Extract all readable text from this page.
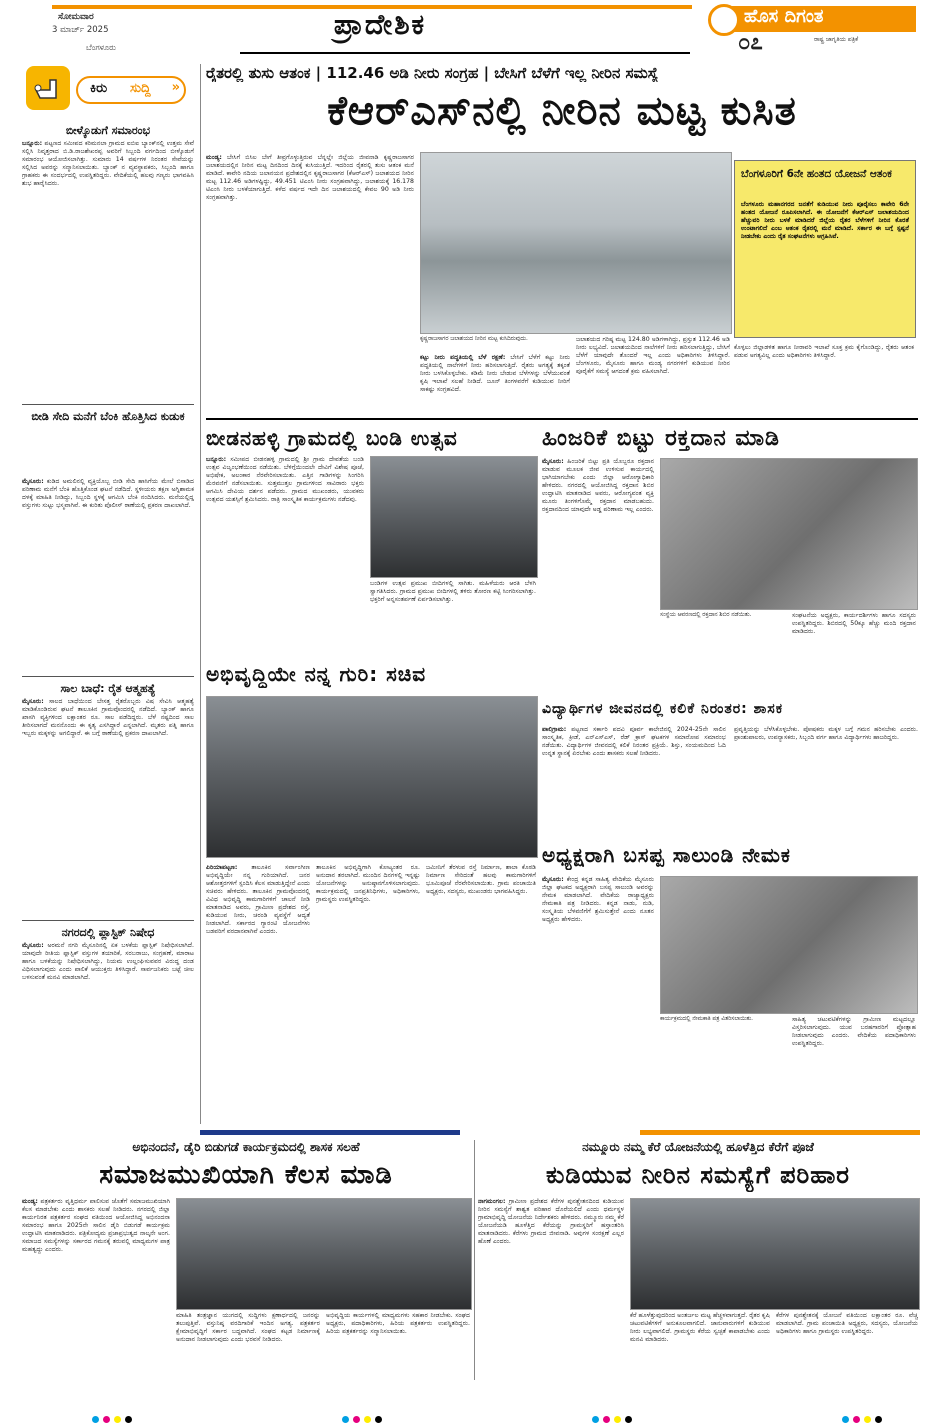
ಸೋಮವಾರ
3 ಮಾರ್ಚ್ 2025
ಬೆಂಗಳೂರು
ಪ್ರಾದೇಶಿಕ	ಹೊಸ ದಿಗಂತ
ರಾಷ್ಟ್ರ ಜಾಗೃತಿಯ ಪತ್ರಿಕೆ
೦೭
ಕಿರು ಸುದ್ದಿ »
ಬೀಳ್ಕೊಡುಗೆ ಸಮಾರಂಭ
ಬನ್ನೂರು: ಪಟ್ಟಣದ ಸಮೀಪದ ಕರಿಮನಲಾ ಗ್ರಾಮದ ಐಬಿಐ ಬ್ಯಾಂಕ್‌ನಲ್ಲಿ ಉತ್ತಮ ಸೇವೆ ಸಲ್ಲಿಸಿ ನಿವೃತ್ತರಾದ ಬಿ.ಡಿ.ರಾಜಶೇಖರಪ್ಪ ಅವರಿಗೆ ಸಿಬ್ಬಂದಿ ವರ್ಗದಿಂದ ಬೀಳ್ಕೊಡುಗೆ ಸಮಾರಂಭ ಆಯೋಜಿಸಲಾಗಿತ್ತು. ಸುಮಾರು 14 ವರ್ಷಗಳ ನಿರಂತರ ಸೇವೆಯನ್ನು ಸಲ್ಲಿಸಿದ ಅವರನ್ನು ಸನ್ಮಾನಿಸಲಾಯಿತು. ಬ್ಯಾಂಕ್ ನ ವ್ಯವಸ್ಥಾಪಕರು, ಸಿಬ್ಬಂದಿ ಹಾಗೂ ಗ್ರಾಹಕರು ಈ ಸಂದರ್ಭದಲ್ಲಿ ಉಪಸ್ಥಿತರಿದ್ದರು. ವೇದಿಕೆಯಲ್ಲಿ ಹಲವು ಗಣ್ಯರು ಭಾಗವಹಿಸಿ ಶುಭ ಹಾರೈಸಿದರು.
ಬೀಡಿ ಸೇದಿ ಮನೆಗೆ ಬೆಂಕಿ ಹೊತ್ತಿಸಿದ ಕುಡುಕ
ಮೈಸೂರು: ಕುಡಿದ ಅಮಲಿನಲ್ಲಿ ವ್ಯಕ್ತಿಯೊಬ್ಬ ಬೀಡಿ ಸೇದಿ ಹಾಸಿಗೆಯ ಮೇಲೆ ಬಿಸಾಡಿದ ಪರಿಣಾಮ ಮನೆಗೆ ಬೆಂಕಿ ಹೊತ್ತಿಕೊಂಡ ಘಟನೆ ನಡೆದಿದೆ. ಸ್ಥಳೀಯರು ತಕ್ಷಣ ಅಗ್ನಿಶಾಮಕ ದಳಕ್ಕೆ ಮಾಹಿತಿ ನೀಡಿದ್ದು, ಸಿಬ್ಬಂದಿ ಸ್ಥಳಕ್ಕೆ ಆಗಮಿಸಿ ಬೆಂಕಿ ನಂದಿಸಿದರು. ಮನೆಯಲ್ಲಿದ್ದ ವಸ್ತುಗಳು ಸುಟ್ಟು ಭಸ್ಮವಾಗಿವೆ. ಈ ಕುರಿತು ಪೊಲೀಸ್ ಠಾಣೆಯಲ್ಲಿ ಪ್ರಕರಣ ದಾಖಲಾಗಿದೆ.
ಸಾಲ ಬಾಧೆ: ರೈತ ಆತ್ಮಹತ್ಯೆ
ಮೈಸೂರು: ಸಾಲದ ಬಾಧೆಯಿಂದ ಬೇಸತ್ತ ರೈತರೊಬ್ಬರು ವಿಷ ಸೇವಿಸಿ ಆತ್ಮಹತ್ಯೆ ಮಾಡಿಕೊಂಡಿರುವ ಘಟನೆ ತಾಲೂಕಿನ ಗ್ರಾಮವೊಂದರಲ್ಲಿ ನಡೆದಿದೆ. ಬ್ಯಾಂಕ್ ಹಾಗೂ ಖಾಸಗಿ ವ್ಯಕ್ತಿಗಳಿಂದ ಲಕ್ಷಾಂತರ ರೂ. ಸಾಲ ಪಡೆದಿದ್ದರು. ಬೆಳೆ ನಷ್ಟದಿಂದ ಸಾಲ ತೀರಿಸಲಾಗದೆ ಮನನೊಂದು ಈ ಕೃತ್ಯ ಎಸಗಿದ್ದಾರೆ ಎನ್ನಲಾಗಿದೆ. ಮೃತರು ಪತ್ನಿ ಹಾಗೂ ಇಬ್ಬರು ಮಕ್ಕಳನ್ನು ಅಗಲಿದ್ದಾರೆ. ಈ ಬಗ್ಗೆ ಠಾಣೆಯಲ್ಲಿ ಪ್ರಕರಣ ದಾಖಲಾಗಿದೆ.
ನಗರದಲ್ಲಿ ಪ್ಲಾಸ್ಟಿಕ್ ನಿಷೇಧ
ಮೈಸೂರು: ಅರಮನೆ ನಗರಿ ಮೈಸೂರಿನಲ್ಲಿ ಏಕ ಬಳಕೆಯ ಪ್ಲಾಸ್ಟಿಕ್ ನಿಷೇಧಿಸಲಾಗಿದೆ. ಯಾವುದೇ ರೀತಿಯ ಪ್ಲಾಸ್ಟಿಕ್ ವಸ್ತುಗಳ ತಯಾರಿಕೆ, ಸರಬರಾಜು, ಸಂಗ್ರಹಣೆ, ಮಾರಾಟ ಹಾಗೂ ಬಳಕೆಯನ್ನು ನಿಷೇಧಿಸಲಾಗಿದ್ದು, ನಿಯಮ ಉಲ್ಲಂಘಿಸುವವರ ವಿರುದ್ಧ ದಂಡ ವಿಧಿಸಲಾಗುವುದು ಎಂದು ಪಾಲಿಕೆ ಆಯುಕ್ತರು ತಿಳಿಸಿದ್ದಾರೆ. ಸಾರ್ವಜನಿಕರು ಬಟ್ಟೆ ಚೀಲ ಬಳಸುವಂತೆ ಮನವಿ ಮಾಡಲಾಗಿದೆ.
ರೈತರಲ್ಲಿ ತುಸು ಆತಂಕ | 112.46 ಅಡಿ ನೀರು ಸಂಗ್ರಹ | ಬೇಸಿಗೆ ಬೆಳೆಗೆ ಇಲ್ಲ ನೀರಿನ ಸಮಸ್ಯೆ
ಕೆಆರ್‌ಎಸ್‌ನಲ್ಲಿ ನೀರಿನ ಮಟ್ಟ ಕುಸಿತ
ಮಂಡ್ಯ: ಬೇಸಿಗೆ ಬಿಸಿಲ ಬೇಗೆ ತೀವ್ರಗೊಳ್ಳುತ್ತಿರುವ ಬೆನ್ನಲ್ಲೇ ಜಿಲ್ಲೆಯ ಜೀವನಾಡಿ ಕೃಷ್ಣರಾಜಸಾಗರ ಜಲಾಶಯದಲ್ಲಿನ ನೀರಿನ ಮಟ್ಟ ದಿನದಿಂದ ದಿನಕ್ಕೆ ಕುಸಿಯುತ್ತಿದೆ. ಇದರಿಂದ ರೈತರಲ್ಲಿ ತುಸು ಆತಂಕ ಮನೆ ಮಾಡಿದೆ. ಕಾವೇರಿ ನದಿಯ ಜಲಾನಯನ ಪ್ರದೇಶದಲ್ಲಿನ ಕೃಷ್ಣರಾಜಸಾಗರ (ಕೆಆರ್‌ಎಸ್) ಜಲಾಶಯದ ನೀರಿನ ಮಟ್ಟ 112.46 ಅಡಿಗಳಷ್ಟಿದ್ದು, 49.451 ಟಿಎಂಸಿ ನೀರು ಸಂಗ್ರಹವಾಗಿದ್ದು, ಜಲಾಶಯಕ್ಕೆ 16.178 ಟಿಎಂಸಿ ನೀರು ಬಳಕೆಯಾಗುತ್ತಿದೆ. ಕಳೆದ ವರ್ಷದ ಇದೇ ದಿನ ಜಲಾಶಯದಲ್ಲಿ ಕೇವಲ 90 ಅಡಿ ನೀರು ಸಂಗ್ರಹವಾಗಿತ್ತು.
ಕೃಷ್ಣರಾಜಸಾಗರ ಜಲಾಶಯದ ನೀರಿನ ಮಟ್ಟ ಕುಸಿದಿರುವುದು.
ಕಟ್ಟು ನೀರು ಪದ್ಧತಿಯಲ್ಲಿ ಬೆಳೆ ರಕ್ಷಣೆ: ಬೇಸಿಗೆ ಬೆಳೆಗೆ ಕಟ್ಟು ನೀರು ಪದ್ಧತಿಯಲ್ಲಿ ನಾಲೆಗಳಿಗೆ ನೀರು ಹರಿಸಲಾಗುತ್ತಿದೆ. ರೈತರು ಅಗತ್ಯಕ್ಕೆ ತಕ್ಕಂತೆ ನೀರು ಬಳಸಿಕೊಳ್ಳಬೇಕು. ಕಡಿಮೆ ನೀರು ಬೇಡುವ ಬೆಳೆಗಳನ್ನು ಬೆಳೆಯುವಂತೆ ಕೃಷಿ ಇಲಾಖೆ ಸಲಹೆ ನೀಡಿದೆ. ಜೂನ್ ತಿಂಗಳವರೆಗೆ ಕುಡಿಯುವ ನೀರಿಗೆ ಸಾಕಷ್ಟು ಸಂಗ್ರಹವಿದೆ.
ಜಲಾಶಯದ ಗರಿಷ್ಠ ಮಟ್ಟ 124.80 ಅಡಿಗಳಾಗಿದ್ದು, ಪ್ರಸ್ತುತ 112.46 ಅಡಿ ನೀರು ಲಭ್ಯವಿದೆ. ಜಲಾಶಯದಿಂದ ನಾಲೆಗಳಿಗೆ ನೀರು ಹರಿಸಲಾಗುತ್ತಿದ್ದು, ಬೇಸಿಗೆ ಬೆಳೆಗೆ ಯಾವುದೇ ತೊಂದರೆ ಇಲ್ಲ ಎಂದು ಅಧಿಕಾರಿಗಳು ತಿಳಿಸಿದ್ದಾರೆ. ಬೆಂಗಳೂರು, ಮೈಸೂರು ಹಾಗೂ ಮಂಡ್ಯ ನಗರಗಳಿಗೆ ಕುಡಿಯುವ ನೀರಿನ ಪೂರೈಕೆಗೆ ಸಮಸ್ಯೆ ಆಗದಂತೆ ಕ್ರಮ ವಹಿಸಲಾಗಿದೆ.
ಬೆಂಗಳೂರಿಗೆ 6ನೇ ಹಂತದ ಯೋಜನೆ ಆತಂಕ
ಬೆಂಗಳೂರು ಮಹಾನಗರದ ಜನತೆಗೆ ಕುಡಿಯುವ ನೀರು ಪೂರೈಸಲು ಕಾವೇರಿ 6ನೇ ಹಂತದ ಯೋಜನೆ ರೂಪಿಸಲಾಗಿದೆ. ಈ ಯೋಜನೆಗೆ ಕೆಆರ್‌ಎಸ್ ಜಲಾಶಯದಿಂದ ಹೆಚ್ಚುವರಿ ನೀರು ಬಳಕೆ ಮಾಡಿದರೆ ಜಿಲ್ಲೆಯ ರೈತರ ಬೆಳೆಗಳಿಗೆ ನೀರಿನ ಕೊರತೆ ಉಂಟಾಗಲಿದೆ ಎಂಬ ಆತಂಕ ರೈತರಲ್ಲಿ ಮನೆ ಮಾಡಿದೆ. ಸರ್ಕಾರ ಈ ಬಗ್ಗೆ ಸ್ಪಷ್ಟನೆ ನೀಡಬೇಕು ಎಂದು ರೈತ ಸಂಘಟನೆಗಳು ಆಗ್ರಹಿಸಿವೆ.
ಕೊಳ್ಳಲು ಜಿಲ್ಲಾಡಳಿತ ಹಾಗೂ ನೀರಾವರಿ ಇಲಾಖೆ ಸೂಕ್ತ ಕ್ರಮ ಕೈಗೊಂಡಿದ್ದು, ರೈತರು ಆತಂಕ ಪಡುವ ಅಗತ್ಯವಿಲ್ಲ ಎಂದು ಅಧಿಕಾರಿಗಳು ತಿಳಿಸಿದ್ದಾರೆ.
ಬೀಡನಹಳ್ಳಿ ಗ್ರಾಮದಲ್ಲಿ ಬಂಡಿ ಉತ್ಸವ
ಬನ್ನೂರು: ಸಮೀಪದ ಬೀಡನಹಳ್ಳಿ ಗ್ರಾಮದಲ್ಲಿ ಶ್ರೀ ಗ್ರಾಮ ದೇವತೆಯ ಬಂಡಿ ಉತ್ಸವ ವಿಜೃಂಭಣೆಯಿಂದ ನಡೆಯಿತು. ಬೆಳಿಗ್ಗೆಯಿಂದಲೇ ದೇವಿಗೆ ವಿಶೇಷ ಪೂಜೆ, ಅಭಿಷೇಕ, ಅಲಂಕಾರ ನೆರವೇರಿಸಲಾಯಿತು. ಎತ್ತಿನ ಗಾಡಿಗಳನ್ನು ಸಿಂಗರಿಸಿ ಮೆರವಣಿಗೆ ನಡೆಸಲಾಯಿತು. ಸುತ್ತಮುತ್ತಲ ಗ್ರಾಮಗಳಿಂದ ಸಾವಿರಾರು ಭಕ್ತರು ಆಗಮಿಸಿ ದೇವಿಯ ದರ್ಶನ ಪಡೆದರು. ಗ್ರಾಮದ ಮುಖಂಡರು, ಯುವಕರು ಉತ್ಸವದ ಯಶಸ್ಸಿಗೆ ಶ್ರಮಿಸಿದರು. ರಾತ್ರಿ ಸಾಂಸ್ಕೃತಿಕ ಕಾರ್ಯಕ್ರಮಗಳು ನಡೆದವು.
ಬಂಡಿಗಳ ಉತ್ಸವ ಪ್ರಮುಖ ಬೀದಿಗಳಲ್ಲಿ ಸಾಗಿತು. ಮಹಿಳೆಯರು ಆರತಿ ಬೆಳಗಿ ಸ್ವಾಗತಿಸಿದರು. ಗ್ರಾಮದ ಪ್ರಮುಖ ಬೀದಿಗಳಲ್ಲಿ ತಳಿರು ತೋರಣ ಕಟ್ಟಿ ಸಿಂಗರಿಸಲಾಗಿತ್ತು. ಭಕ್ತರಿಗೆ ಅನ್ನಸಂತರ್ಪಣೆ ಏರ್ಪಡಿಸಲಾಗಿತ್ತು.
ಹಿಂಜರಿಕೆ ಬಿಟ್ಟು ರಕ್ತದಾನ ಮಾಡಿ
ಮೈಸೂರು: ಹಿಂಜರಿಕೆ ಬಿಟ್ಟು ಪ್ರತಿ ಯೊಬ್ಬರೂ ರಕ್ತದಾನ ಮಾಡುವ ಮೂಲಕ ಜೀವ ಉಳಿಸುವ ಕಾರ್ಯದಲ್ಲಿ ಭಾಗಿಯಾಗಬೇಕು ಎಂದು ಜಿಲ್ಲಾ ಆರೋಗ್ಯಾಧಿಕಾರಿ ಹೇಳಿದರು. ನಗರದಲ್ಲಿ ಆಯೋಜಿಸಿದ್ದ ರಕ್ತದಾನ ಶಿಬಿರ ಉದ್ಘಾಟಿಸಿ ಮಾತನಾಡಿದ ಅವರು, ಆರೋಗ್ಯವಂತ ವ್ಯಕ್ತಿ ಮೂರು ತಿಂಗಳಿಗೊಮ್ಮೆ ರಕ್ತದಾನ ಮಾಡಬಹುದು. ರಕ್ತದಾನದಿಂದ ಯಾವುದೇ ಅಡ್ಡ ಪರಿಣಾಮ ಇಲ್ಲ ಎಂದರು.
ಸಂಸ್ಥೆಯ ಆವರಣದಲ್ಲಿ ರಕ್ತದಾನ ಶಿಬಿರ ನಡೆಯಿತು.	ಸಂಘಟನೆಯ ಅಧ್ಯಕ್ಷರು, ಕಾರ್ಯದರ್ಶಿಗಳು ಹಾಗೂ ಸದಸ್ಯರು ಉಪಸ್ಥಿತರಿದ್ದರು. ಶಿಬಿರದಲ್ಲಿ 50ಕ್ಕೂ ಹೆಚ್ಚು ಮಂದಿ ರಕ್ತದಾನ ಮಾಡಿದರು.
ಅಭಿವೃದ್ಧಿಯೇ ನನ್ನ ಗುರಿ: ಸಚಿವ
ಪಿರಿಯಾಪಟ್ಟಣ: ತಾಲೂಕಿನ ಸರ್ವಾಂಗೀಣ ಅಭಿವೃದ್ಧಿಯೇ ನನ್ನ ಗುರಿಯಾಗಿದೆ. ಜನರ ಆಶೋತ್ತರಗಳಿಗೆ ಸ್ಪಂದಿಸಿ ಕೆಲಸ ಮಾಡುತ್ತಿದ್ದೇನೆ ಎಂದು ಸಚಿವರು ಹೇಳಿದರು. ತಾಲೂಕಿನ ಗ್ರಾಮವೊಂದರಲ್ಲಿ ವಿವಿಧ ಅಭಿವೃದ್ಧಿ ಕಾಮಗಾರಿಗಳಿಗೆ ಚಾಲನೆ ನೀಡಿ ಮಾತನಾಡಿದ ಅವರು, ಗ್ರಾಮೀಣ ಪ್ರದೇಶದ ರಸ್ತೆ, ಕುಡಿಯುವ ನೀರು, ಚರಂಡಿ ವ್ಯವಸ್ಥೆಗೆ ಆದ್ಯತೆ ನೀಡಲಾಗಿದೆ. ಸರ್ಕಾರದ ಗ್ಯಾರಂಟಿ ಯೋಜನೆಗಳು ಬಡವರಿಗೆ ವರದಾನವಾಗಿವೆ ಎಂದರು.
ತಾಲೂಕಿನ ಅಭಿವೃದ್ಧಿಗಾಗಿ ಕೋಟ್ಯಂತರ ರೂ. ಅನುದಾನ ತರಲಾಗಿದೆ. ಮುಂದಿನ ದಿನಗಳಲ್ಲಿ ಇನ್ನಷ್ಟು ಯೋಜನೆಗಳನ್ನು ಅನುಷ್ಠಾನಗೊಳಿಸಲಾಗುವುದು. ಕಾರ್ಯಕ್ರಮದಲ್ಲಿ ಜನಪ್ರತಿನಿಧಿಗಳು, ಅಧಿಕಾರಿಗಳು, ಗ್ರಾಮಸ್ಥರು ಉಪಸ್ಥಿತರಿದ್ದರು.
ಜಮೀನಿಗೆ ತೆರಳುವ ರಸ್ತೆ ನಿರ್ಮಾಣ, ಶಾಲಾ ಕೊಠಡಿ ನಿರ್ಮಾಣ ಸೇರಿದಂತೆ ಹಲವು ಕಾಮಗಾರಿಗಳಿಗೆ ಭೂಮಿಪೂಜೆ ನೆರವೇರಿಸಲಾಯಿತು. ಗ್ರಾಮ ಪಂಚಾಯಿತಿ ಅಧ್ಯಕ್ಷರು, ಸದಸ್ಯರು, ಮುಖಂಡರು ಭಾಗವಹಿಸಿದ್ದರು.
ವಿದ್ಯಾರ್ಥಿಗಳ ಜೀವನದಲ್ಲಿ ಕಲಿಕೆ ನಿರಂತರ: ಶಾಸಕ
ಪಾಲಿಗ್ರಾಮ: ಪಟ್ಟಣದ ಸರ್ಕಾರಿ ಪದವಿ ಪೂರ್ವ ಕಾಲೇಜಿನಲ್ಲಿ 2024-25ನೇ ಸಾಲಿನ ಸಾಂಸ್ಕೃತಿಕ, ಕ್ರೀಡೆ, ಎನ್‌ಎಸ್‌ಎಸ್, ರೆಡ್ ಕ್ರಾಸ್ ಘಟಕಗಳ ಸಮಾರೋಪ ಸಮಾರಂಭ ನಡೆಯಿತು. ವಿದ್ಯಾರ್ಥಿಗಳ ಜೀವನದಲ್ಲಿ ಕಲಿಕೆ ನಿರಂತರ ಪ್ರಕ್ರಿಯೆ. ಶಿಸ್ತು, ಸಂಯಮದಿಂದ ಓದಿ ಉನ್ನತ ಸ್ಥಾನಕ್ಕೆ ಏರಬೇಕು ಎಂದು ಶಾಸಕರು ಸಲಹೆ ನೀಡಿದರು.
ಪ್ರವೃತ್ತಿಯನ್ನು ಬೆಳೆಸಿಕೊಳ್ಳಬೇಕು. ಪೋಷಕರು ಮಕ್ಕಳ ಬಗ್ಗೆ ಗಮನ ಹರಿಸಬೇಕು ಎಂದರು. ಪ್ರಾಂಶುಪಾಲರು, ಉಪನ್ಯಾಸಕರು, ಸಿಬ್ಬಂದಿ ವರ್ಗ ಹಾಗೂ ವಿದ್ಯಾರ್ಥಿಗಳು ಹಾಜರಿದ್ದರು.
ಅಧ್ಯಕ್ಷರಾಗಿ ಬಸಪ್ಪ ಸಾಲುಂಡಿ ನೇಮಕ
ಮೈಸೂರು: ಕೇಂದ್ರ ಕನ್ನಡ ಸಾಹಿತ್ಯ ವೇದಿಕೆಯ ಮೈಸೂರು ಜಿಲ್ಲಾ ಘಟಕದ ಅಧ್ಯಕ್ಷರಾಗಿ ಬಸಪ್ಪ ಸಾಲುಂಡಿ ಅವರನ್ನು ನೇಮಕ ಮಾಡಲಾಗಿದೆ. ವೇದಿಕೆಯ ರಾಜ್ಯಾಧ್ಯಕ್ಷರು ನೇಮಕಾತಿ ಪತ್ರ ನೀಡಿದರು. ಕನ್ನಡ ನಾಡು, ನುಡಿ, ಸಂಸ್ಕೃತಿಯ ಬೆಳವಣಿಗೆಗೆ ಶ್ರಮಿಸುತ್ತೇನೆ ಎಂದು ನೂತನ ಅಧ್ಯಕ್ಷರು ಹೇಳಿದರು.
ಕಾರ್ಯಕ್ರಮದಲ್ಲಿ ನೇಮಕಾತಿ ಪತ್ರ ವಿತರಿಸಲಾಯಿತು.	ಸಾಹಿತ್ಯ ಚಟುವಟಿಕೆಗಳನ್ನು ಗ್ರಾಮೀಣ ಮಟ್ಟದಲ್ಲೂ ವಿಸ್ತರಿಸಲಾಗುವುದು. ಯುವ ಬರಹಗಾರರಿಗೆ ಪ್ರೋತ್ಸಾಹ ನೀಡಲಾಗುವುದು ಎಂದರು. ವೇದಿಕೆಯ ಪದಾಧಿಕಾರಿಗಳು ಉಪಸ್ಥಿತರಿದ್ದರು.
ಅಭಿನಂದನೆ, ಡೈರಿ ಬಿಡುಗಡೆ ಕಾರ್ಯಕ್ರಮದಲ್ಲಿ ಶಾಸಕ ಸಲಹೆ
ಸಮಾಜಮುಖಿಯಾಗಿ ಕೆಲಸ ಮಾಡಿ
ಮಂಡ್ಯ: ಪತ್ರಕರ್ತರು ವೃತ್ತಿಧರ್ಮ ಪಾಲಿಸುವ ಜೊತೆಗೆ ಸಮಾಜಮುಖಿಯಾಗಿ ಕೆಲಸ ಮಾಡಬೇಕು ಎಂದು ಶಾಸಕರು ಸಲಹೆ ನೀಡಿದರು. ನಗರದಲ್ಲಿ ಜಿಲ್ಲಾ ಕಾರ್ಯನಿರತ ಪತ್ರಕರ್ತರ ಸಂಘದ ವತಿಯಿಂದ ಆಯೋಜಿಸಿದ್ದ ಅಭಿನಂದನಾ ಸಮಾರಂಭ ಹಾಗೂ 2025ನೇ ಸಾಲಿನ ಡೈರಿ ಬಿಡುಗಡೆ ಕಾರ್ಯಕ್ರಮ ಉದ್ಘಾಟಿಸಿ ಮಾತನಾಡಿದರು. ಪತ್ರಿಕೋದ್ಯಮ ಪ್ರಜಾಪ್ರಭುತ್ವದ ನಾಲ್ಕನೇ ಅಂಗ. ಸಮಾಜದ ಸಮಸ್ಯೆಗಳನ್ನು ಸರ್ಕಾರದ ಗಮನಕ್ಕೆ ತರುವಲ್ಲಿ ಮಾಧ್ಯಮಗಳ ಪಾತ್ರ ಮಹತ್ವದ್ದು ಎಂದರು.
ಮಾಹಿತಿ ತಂತ್ರಜ್ಞಾನ ಯುಗದಲ್ಲಿ ಸುದ್ದಿಗಳು ಕ್ಷಣಾರ್ಧದಲ್ಲಿ ಜನರನ್ನು ತಲುಪುತ್ತಿವೆ. ವಸ್ತುನಿಷ್ಠ ವರದಿಗಾರಿಕೆ ಇಂದಿನ ಅಗತ್ಯ. ಪತ್ರಕರ್ತರ ಕ್ಷೇಮಾಭಿವೃದ್ಧಿಗೆ ಸರ್ಕಾರ ಬದ್ಧವಾಗಿದೆ. ಸಂಘದ ಕಟ್ಟಡ ನಿರ್ಮಾಣಕ್ಕೆ ಅನುದಾನ ನೀಡಲಾಗುವುದು ಎಂದು ಭರವಸೆ ನೀಡಿದರು.
ಅಭಿವೃದ್ಧಿಯ ಕಾರ್ಯಗಳಲ್ಲಿ ಮಾಧ್ಯಮಗಳು ಸಹಕಾರ ನೀಡಬೇಕು. ಸಂಘದ ಅಧ್ಯಕ್ಷರು, ಪದಾಧಿಕಾರಿಗಳು, ಹಿರಿಯ ಪತ್ರಕರ್ತರು ಉಪಸ್ಥಿತರಿದ್ದರು. ಹಿರಿಯ ಪತ್ರಕರ್ತರನ್ನು ಸನ್ಮಾನಿಸಲಾಯಿತು.
ನಮ್ಮೂರು ನಮ್ಮ ಕೆರೆ ಯೋಜನೆಯಲ್ಲಿ ಹೂಳೆತ್ತಿದ ಕೆರೆಗೆ ಪೂಜೆ
ಕುಡಿಯುವ ನೀರಿನ ಸಮಸ್ಯೆಗೆ ಪರಿಹಾರ
ನಾಗಮಂಗಲ: ಗ್ರಾಮೀಣ ಪ್ರದೇಶದ ಕೆರೆಗಳ ಪುನಶ್ಚೇತನದಿಂದ ಕುಡಿಯುವ ನೀರಿನ ಸಮಸ್ಯೆಗೆ ಶಾಶ್ವತ ಪರಿಹಾರ ದೊರೆಯಲಿದೆ ಎಂದು ಧರ್ಮಸ್ಥಳ ಗ್ರಾಮಾಭಿವೃದ್ಧಿ ಯೋಜನೆಯ ನಿರ್ದೇಶಕರು ಹೇಳಿದರು. ನಮ್ಮೂರು ನಮ್ಮ ಕೆರೆ ಯೋಜನೆಯಡಿ ಹೂಳೆತ್ತಿದ ಕೆರೆಯನ್ನು ಗ್ರಾಮಸ್ಥರಿಗೆ ಹಸ್ತಾಂತರಿಸಿ ಮಾತನಾಡಿದರು. ಕೆರೆಗಳು ಗ್ರಾಮದ ಜೀವನಾಡಿ. ಅವುಗಳ ಸಂರಕ್ಷಣೆ ಎಲ್ಲರ ಹೊಣೆ ಎಂದರು.
ಕೆರೆ ಹೂಳೆತ್ತುವುದರಿಂದ ಅಂತರ್ಜಲ ಮಟ್ಟ ಹೆಚ್ಚಳವಾಗುತ್ತದೆ. ರೈತರ ಕೃಷಿ ಚಟುವಟಿಕೆಗಳಿಗೆ ಅನುಕೂಲವಾಗಲಿದೆ. ಜಾನುವಾರುಗಳಿಗೆ ಕುಡಿಯುವ ನೀರು ಲಭ್ಯವಾಗಲಿದೆ. ಗ್ರಾಮಸ್ಥರು ಕೆರೆಯ ಸ್ವಚ್ಛತೆ ಕಾಪಾಡಬೇಕು ಎಂದು ಮನವಿ ಮಾಡಿದರು.
ಕೆರೆಗಳ ಪುನಶ್ಚೇತನಕ್ಕೆ ಯೋಜನೆ ವತಿಯಿಂದ ಲಕ್ಷಾಂತರ ರೂ. ವೆಚ್ಚ ಮಾಡಲಾಗಿದೆ. ಗ್ರಾಮ ಪಂಚಾಯಿತಿ ಅಧ್ಯಕ್ಷರು, ಸದಸ್ಯರು, ಯೋಜನೆಯ ಅಧಿಕಾರಿಗಳು ಹಾಗೂ ಗ್ರಾಮಸ್ಥರು ಉಪಸ್ಥಿತರಿದ್ದರು.
